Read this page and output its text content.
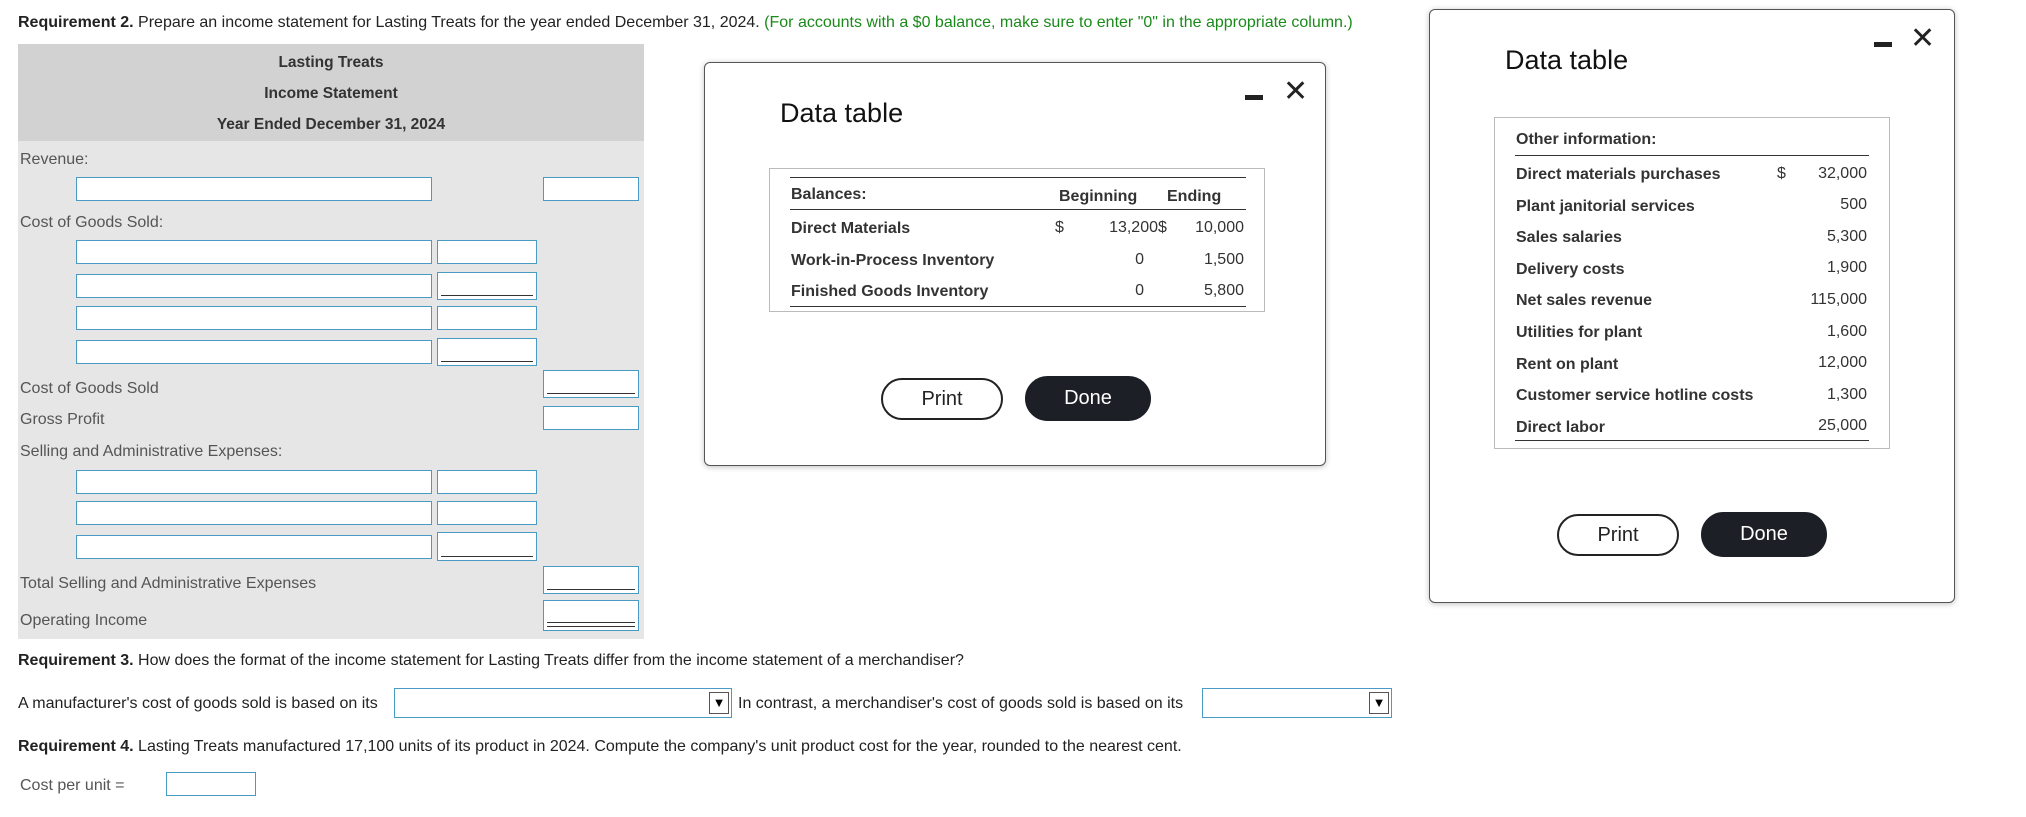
Requirement 2. Prepare an income statement for Lasting Treats for the year ended December 31, 2024. (For accounts with a $0 balance, make sure to enter "0" in the appropriate column.)
Lasting Treats
Income Statement
Year Ended December 31, 2024
Revenue:
Cost of Goods Sold:
Cost of Goods Sold
Gross Profit
Selling and Administrative Expenses:
Total Selling and Administrative Expenses
Operating Income
Requirement 3. How does the format of the income statement for Lasting Treats differ from the income statement of a merchandiser?
A manufacturer's cost of goods sold is based on its	▼ In contrast, a merchandiser's cost of goods sold is based on its	▼
Requirement 4. Lasting Treats manufactured 17,100 units of its product in 2024. Compute the company's unit product cost for the year, rounded to the nearest cent.
Cost per unit =
Data table
✕
Balances:	Beginning Ending
Direct Materials	$	13,200 $	10,000
Work-in-Process Inventory	0	1,500
Finished Goods Inventory	0	5,800
Print	Done
Data table
✕
Other information:
Direct materials purchases	$	32,000
Plant janitorial services	500
Sales salaries	5,300
Delivery costs	1,900
Net sales revenue	115,000
Utilities for plant	1,600
Rent on plant	12,000
Customer service hotline costs	1,300
Direct labor	25,000
Print	Done
